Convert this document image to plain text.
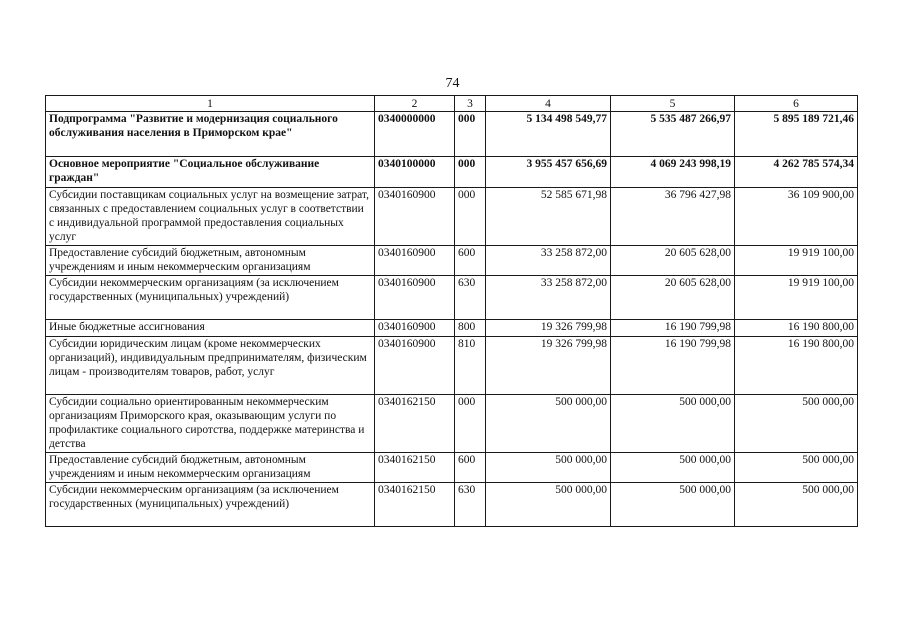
74
1	2	3	4	5	6
Подпрограмма "Развитие и модернизация социального обслуживания населения в Приморском крае"	0340000000	000	5 134 498 549,77	5 535 487 266,97	5 895 189 721,46
Основное мероприятие "Социальное обслуживание граждан"	0340100000	000	3 955 457 656,69	4 069 243 998,19	4 262 785 574,34
Субсидии поставщикам социальных услуг на возмещение затрат, связанных с предоставлением социальных услуг в соответствии с индивидуальной программой предоставления социальных услуг	0340160900	000	52 585 671,98	36 796 427,98	36 109 900,00
Предоставление субсидий бюджетным, автономным учреждениям и иным некоммерческим организациям	0340160900	600	33 258 872,00	20 605 628,00	19 919 100,00
Субсидии некоммерческим организациям (за исключением государственных (муниципальных) учреждений)	0340160900	630	33 258 872,00	20 605 628,00	19 919 100,00
Иные бюджетные ассигнования	0340160900	800	19 326 799,98	16 190 799,98	16 190 800,00
Субсидии юридическим лицам (кроме некоммерческих организаций), индивидуальным предпринимателям, физическим лицам - производителям товаров, работ, услуг	0340160900	810	19 326 799,98	16 190 799,98	16 190 800,00
Субсидии социально ориентированным некоммерческим организациям Приморского края, оказывающим услуги по профилактике социального сиротства, поддержке материнства и детства	0340162150	000	500 000,00	500 000,00	500 000,00
Предоставление субсидий бюджетным, автономным учреждениям и иным некоммерческим организациям	0340162150	600	500 000,00	500 000,00	500 000,00
Субсидии некоммерческим организациям (за исключением государственных (муниципальных) учреждений)	0340162150	630	500 000,00	500 000,00	500 000,00
